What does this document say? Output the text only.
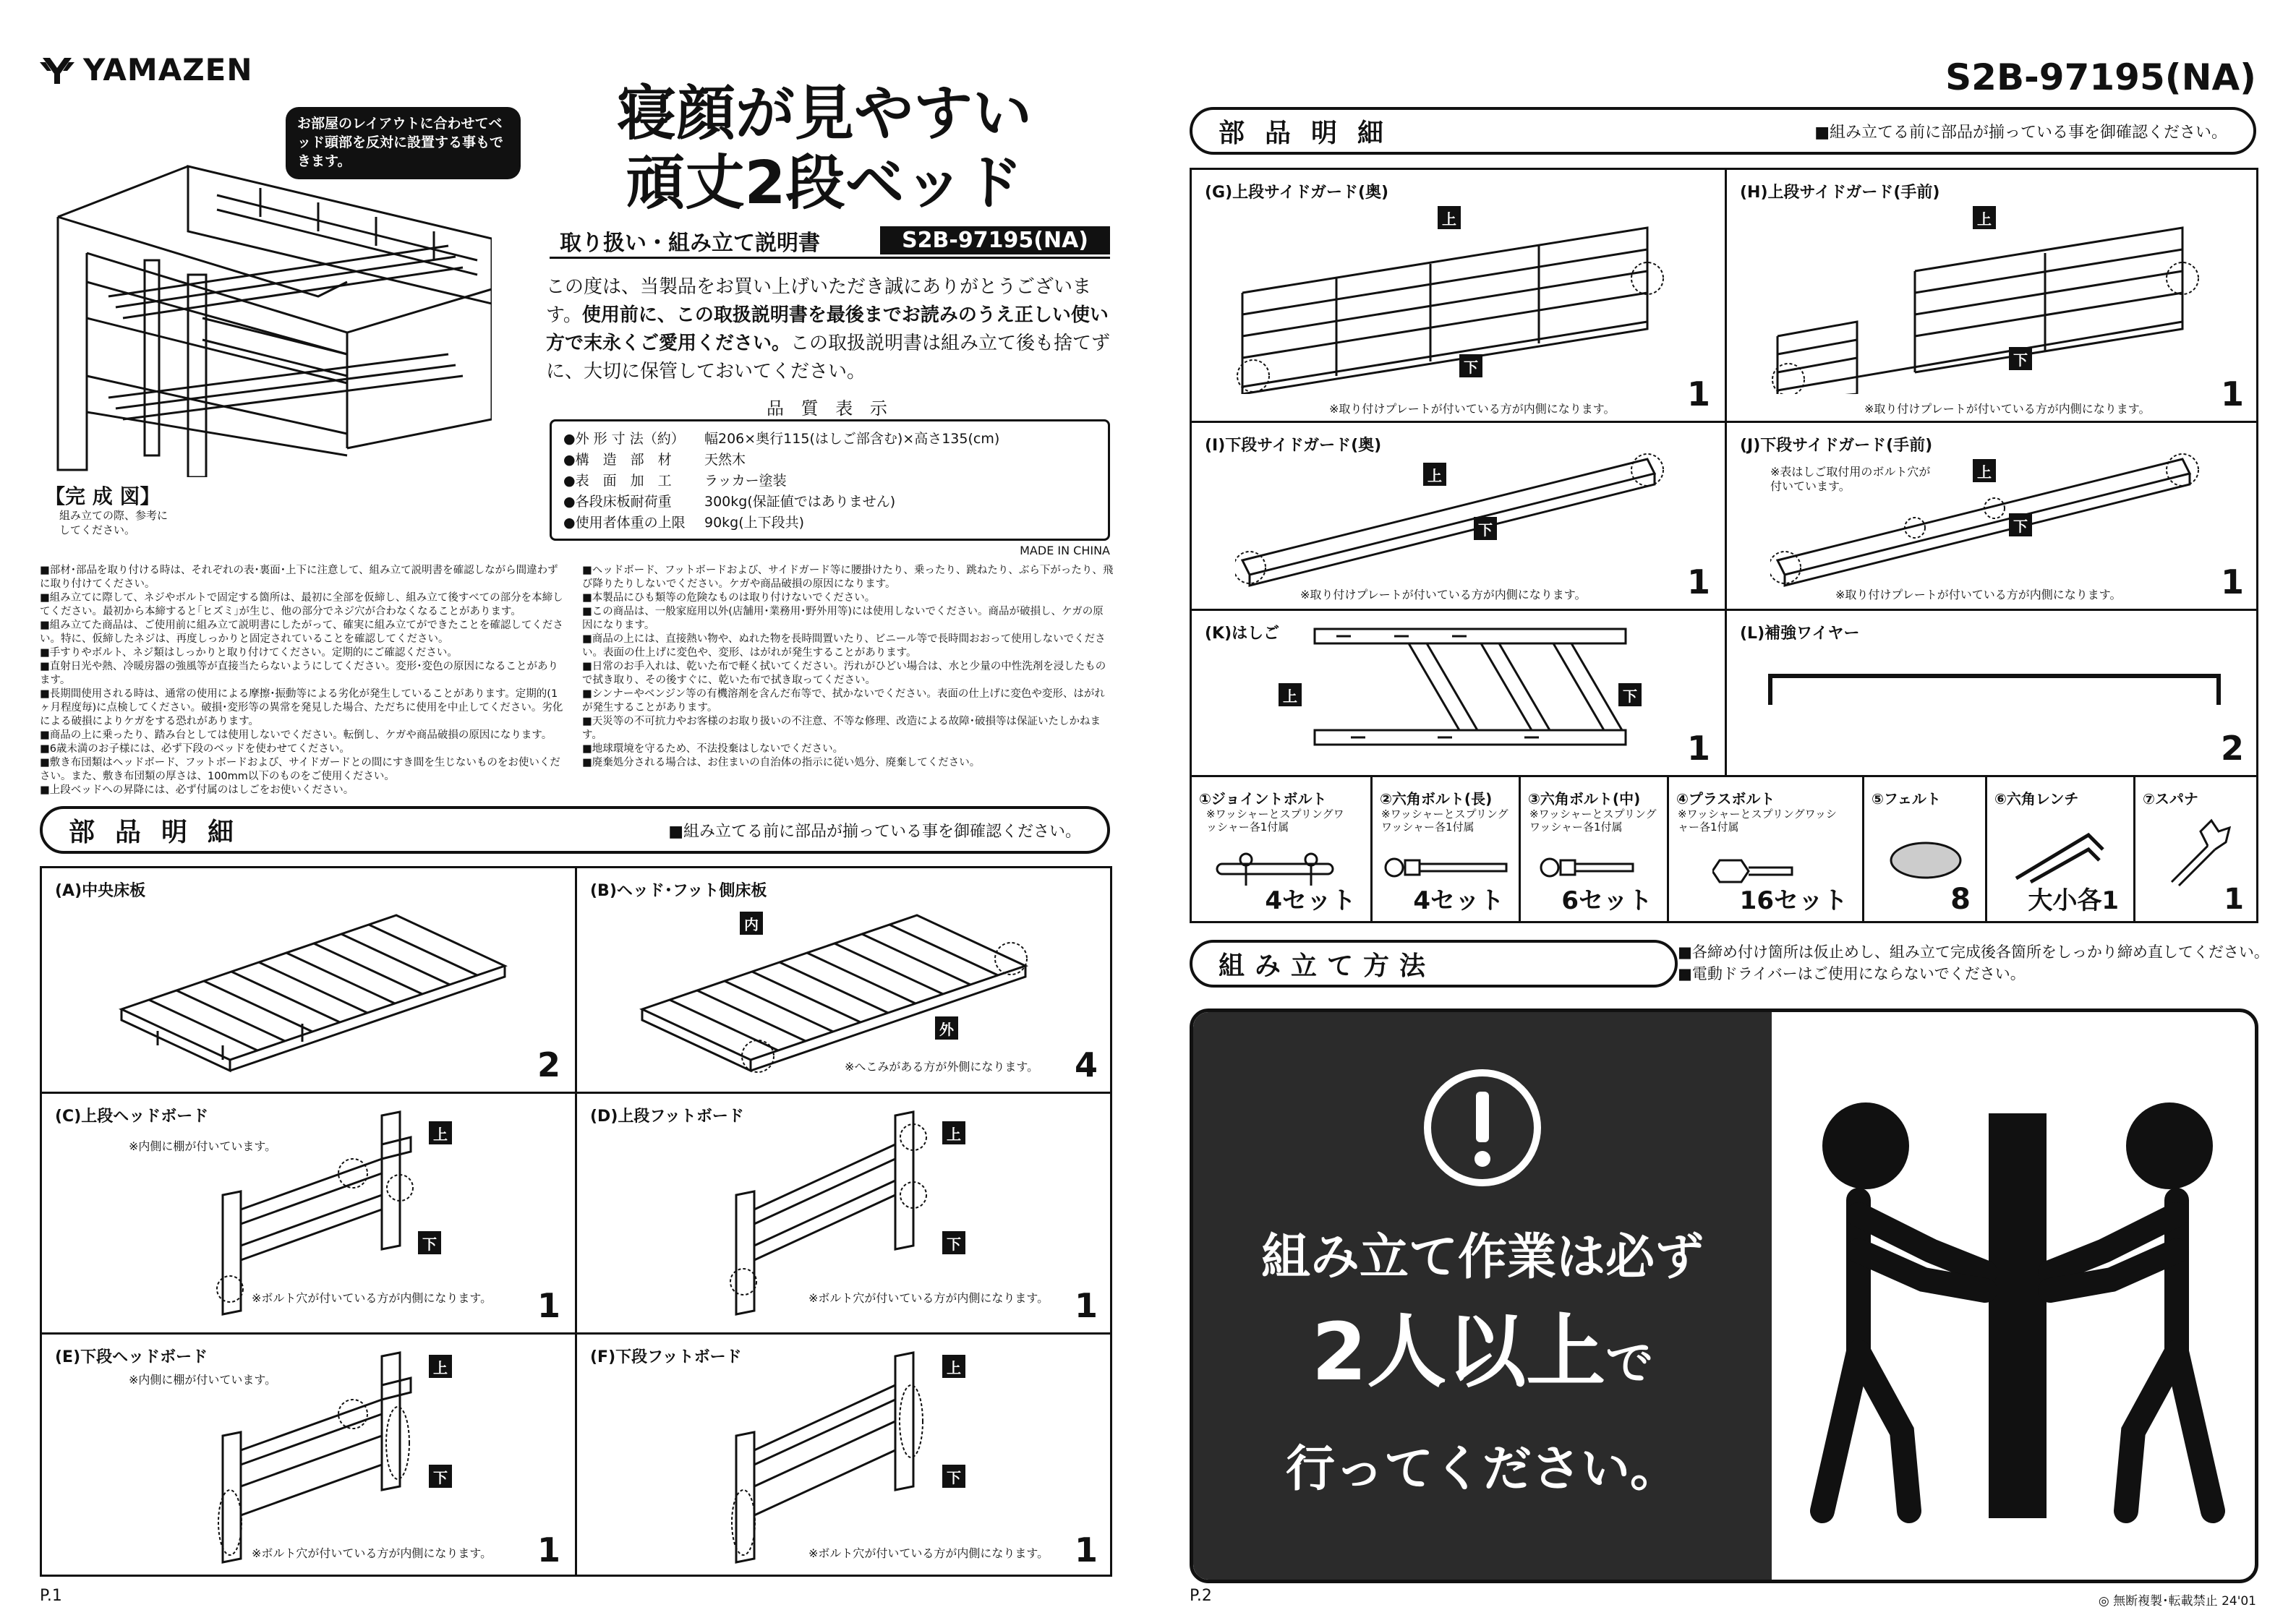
YAMAZEN
お部屋のレイアウトに合わせてベッド頭部を反対に設置する事もできます。
【完 成 図】
組み立ての際、参考にしてください。
寝顔が見やすい
頑丈2段ベッド
取り扱い・組み立て説明書	S2B-97195(NA)
この度は、当製品をお買い上げいただき誠にありがとうございます。使用前に、この取扱説明書を最後までお読みのうえ正しい使い方で末永くご愛用ください。この取扱説明書は組み立て後も捨てずに、大切に保管しておいてください。
品 質 表 示
●外 形 寸 法（約）	幅206×奥行115(はしご部含む)×高さ135(cm)
●構　造　部　材	天然木
●表　面　加　工	ラッカー塗装
●各段床板耐荷重	300kg(保証値ではありません)
●使用者体重の上限	90kg(上下段共)
MADE IN CHINA

■部材･部品を取り付ける時は、それぞれの表･裏面･上下に注意して、組み立て説明書を確認しながら間違わずに取り付けてください。

■組み立てに際して、ネジやボルトで固定する箇所は、最初に全部を仮締し、組み立て後すべての部分を本締してください。最初から本締すると｢ヒズミ｣が生じ、他の部分でネジ穴が合わなくなることがあります。

■組み立てた商品は、ご使用前に組み立て説明書にしたがって、確実に組み立てができたことを確認してください。特に、仮締したネジは、再度しっかりと固定されていることを確認してください。

■手すりやボルト、ネジ類はしっかりと取り付けてください。定期的にご確認ください。

■直射日光や熱、冷暖房器の強風等が直接当たらないようにしてください。変形･変色の原因になることがあります。

■長期間使用される時は、通常の使用による摩擦･振動等による劣化が発生していることがあります。定期的(1ヶ月程度毎)に点検してください。破損･変形等の異常を発見した場合、ただちに使用を中止してください。劣化による破損によりケガをする恐れがあります。

■商品の上に乗ったり、踏み台としては使用しないでください。転倒し、ケガや商品破損の原因になります。

■6歳未満のお子様には、必ず下段のベッドを使わせてください。

■敷き布団類はヘッドボード、フットボードおよび、サイドガードとの間にすき間を生じないものをお使いください。また、敷き布団類の厚さは、100mm以下のものをご使用ください。

■上段ベッドへの昇降には、必ず付属のはしごをお使いください。

■ヘッドボード、フットボードおよび、サイドガード等に腰掛けたり、乗ったり、跳ねたり、ぶら下がったり、飛び降りたりしないでください。ケガや商品破損の原因になります。

■本製品にひも類等の危険なものは取り付けないでください。

■この商品は、一般家庭用以外(店舗用･業務用･野外用等)には使用しないでください。商品が破損し、ケガの原因になります。

■商品の上には、直接熱い物や、ぬれた物を長時間置いたり、ビニール等で長時間おおって使用しないでください。表面の仕上げに変色や、変形、はがれが発生することがあります。

■日常のお手入れは、乾いた布で軽く拭いてください。汚れがひどい場合は、水と少量の中性洗剤を浸したもので拭き取り、その後すぐに、乾いた布で拭き取ってください。

■シンナーやベンジン等の有機溶剤を含んだ布等で、拭かないでください。表面の仕上げに変色や変形、はがれが発生することがあります。

■天災等の不可抗力やお客様のお取り扱いの不注意、不等な修理、改造による故障･破損等は保証いたしかねます。

■地球環境を守るため、不法投棄はしないでください。

■廃棄処分される場合は、お住まいの自治体の指示に従い処分、廃棄してください。

部品明細	■組み立てる前に部品が揃っている事を御確認ください。
(A)中央床板
2
(B)ヘッド･フット側床板
内
外
※へこみがある方が外側になります。 4
(C)上段ヘッドボード
上
下
※内側に棚が付いています。
※ボルト穴が付いている方が内側になります。 1
(D)上段フットボード
上
下
※ボルト穴が付いている方が内側になります。 1
(E)下段ヘッドボード
上
下
※内側に棚が付いています。
※ボルト穴が付いている方が内側になります。 1
(F)下段フットボード
上
下
※ボルト穴が付いている方が内側になります。 1
P.1
S2B-97195(NA)
部品明細	■組み立てる前に部品が揃っている事を御確認ください。
(G)上段サイドガード(奥)
上
下
※取り付けプレートが付いている方が内側になります。 1
(H)上段サイドガード(手前)
上
下
※取り付けプレートが付いている方が内側になります。 1
(I)下段サイドガード(奥)
上
下
※取り付けプレートが付いている方が内側になります。	1
(J)下段サイドガード(手前)
上
下
※表はしご取付用のボルト穴が付いています。
※取り付けプレートが付いている方が内側になります。	1
(K)はしご
上	下
1
(L)補強ワイヤー
2
①ジョイントボルト
※ワッシャーとスプリングワッシャー各1付属
4セット
②六角ボルト(長)
※ワッシャーとスプリングワッシャー各1付属
4セット
③六角ボルト(中)
※ワッシャーとスプリングワッシャー各1付属
6セット
④プラスボルト
※ワッシャーとスプリングワッシャー各1付属
16セット
⑤フェルト
8
⑥六角レンチ
大小各1
⑦スパナ
1
組み立て方法	■各締め付け箇所は仮止めし、組み立て完成後各箇所をしっかり締め直してください。
■電動ドライバーはご使用にならないでください。
組み立て作業は必ず
2人以上で
行ってください。
P.2	◎ 無断複製･転載禁止 24'01
